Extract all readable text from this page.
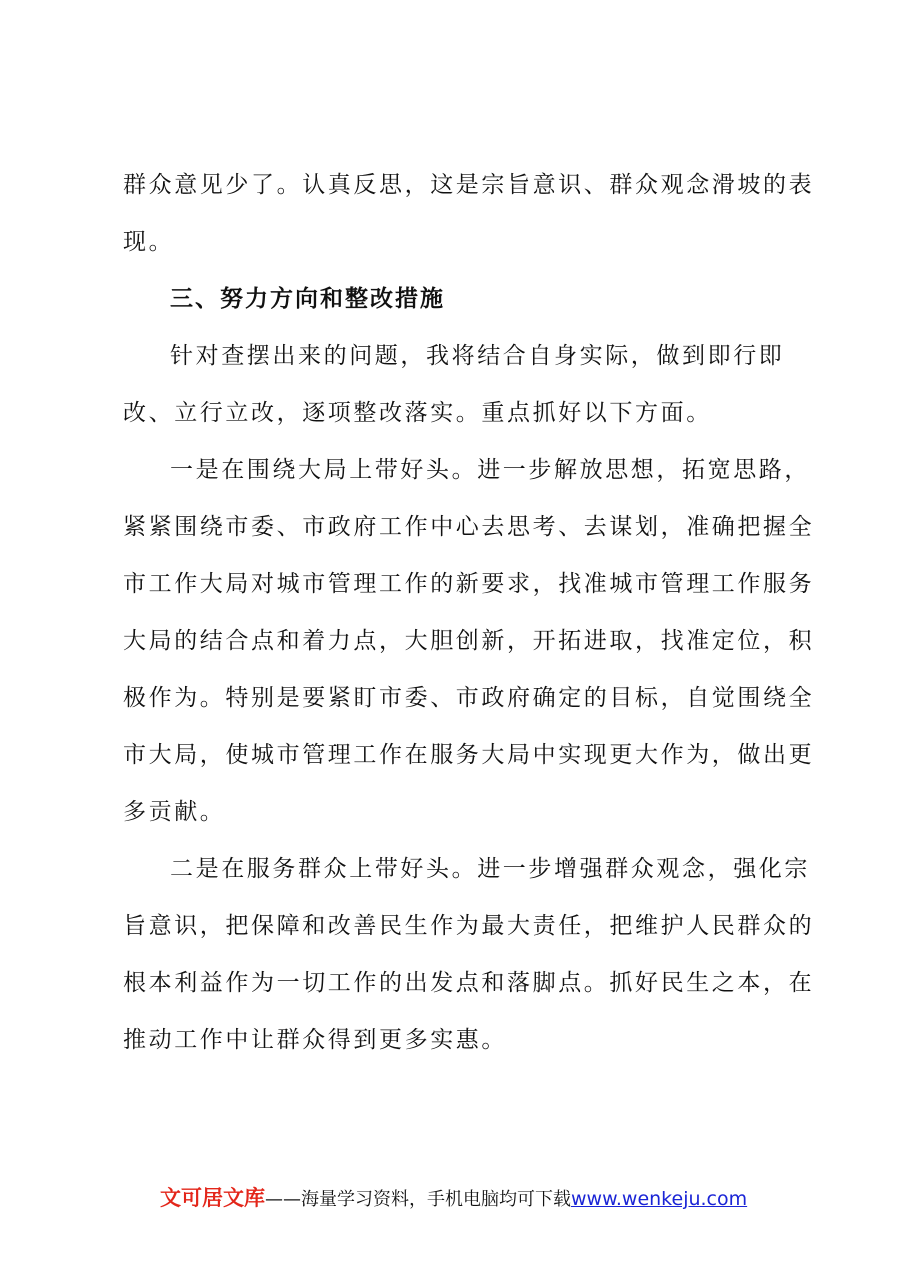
群众意见少了。认真反思，这是宗旨意识、群众观念滑坡的表
现。
三、努力方向和整改措施
针对查摆出来的问题，我将结合自身实际，做到即行即
改、立行立改，逐项整改落实。重点抓好以下方面。
一是在围绕大局上带好头。进一步解放思想，拓宽思路，
紧紧围绕市委、市政府工作中心去思考、去谋划，准确把握全
市工作大局对城市管理工作的新要求，找准城市管理工作服务
大局的结合点和着力点，大胆创新，开拓进取，找准定位，积
极作为。特别是要紧盯市委、市政府确定的目标，自觉围绕全
市大局，使城市管理工作在服务大局中实现更大作为，做出更
多贡献。
二是在服务群众上带好头。进一步增强群众观念，强化宗
旨意识，把保障和改善民生作为最大责任，把维护人民群众的
根本利益作为一切工作的出发点和落脚点。抓好民生之本，在
推动工作中让群众得到更多实惠。
文可居文库——海量学习资料，手机电脑均可下载www.wenkeju.com
